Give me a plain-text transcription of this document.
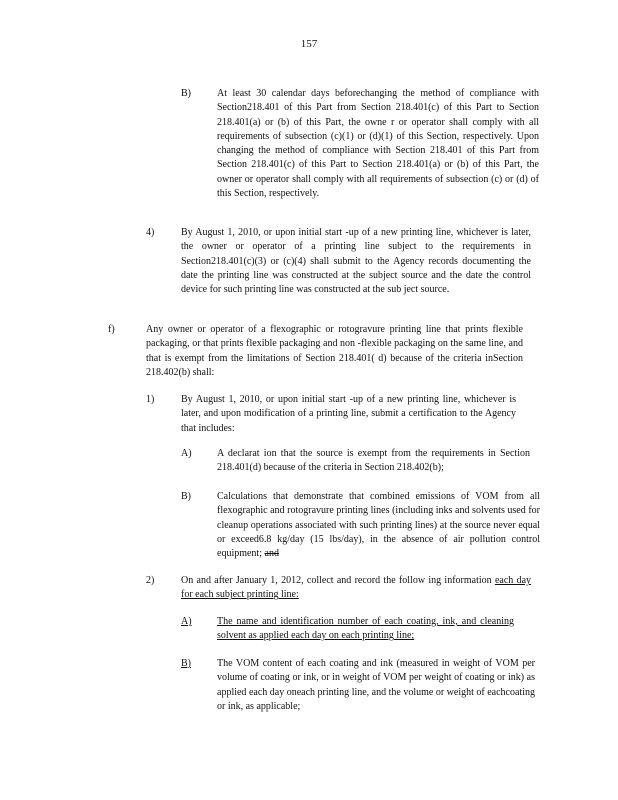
157
B)	At least 30 calendar days beforechanging the method of compliance with Section218.401 of this Part from Section 218.401(c) of this Part to Section 218.401(a) or (b) of this Part, the owne r or operator shall comply with all requirements of subsection (c)(1) or (d)(1) of this Section, respectively. Upon changing the method of compliance with Section 218.401 of this Part from Section 218.401(c) of this Part to Section 218.401(a) or (b) of this Part, the owner or operator shall comply with all requirements of subsection (c) or (d) of this Section, respectively.
4)	By August 1, 2010, or upon initial start -up of a new printing line, whichever is later, the owner or operator of a printing line subject to the requirements in Section218.401(c)(3) or (c)(4) shall submit to the Agency records documenting the date the printing line was constructed at the subject source and the date the control device for such printing line was constructed at the sub ject source.
f)	Any owner or operator of a flexographic or rotogravure printing line that prints flexible packaging, or that prints flexible packaging and non -flexible packaging on the same line, and that is exempt from the limitations of Section 218.401( d) because of the criteria inSection 218.402(b) shall:
1)	By August 1, 2010, or upon initial start -up of a new printing line, whichever is later, and upon modification of a printing line, submit a certification to the Agency that includes:
A)	A declarat ion that the source is exempt from the requirements in Section 218.401(d) because of the criteria in Section 218.402(b);
B)	Calculations that demonstrate that combined emissions of VOM from all flexographic and rotogravure printing lines (including inks and solvents used for cleanup operations associated with such printing lines) at the source never equal or exceed6.8 kg/day (15 lbs/day), in the absence of air pollution control equipment; and
2)	On and after January 1, 2012, collect and record the follow ing information each day for each subject printing line:
A)	The name and identification number of each coating, ink, and cleaning solvent as applied each day on each printing line;
B)	The VOM content of each coating and ink (measured in weight of VOM per volume of coating or ink, or in weight of VOM per weight of coating or ink) as applied each day oneach printing line, and the volume or weight of eachcoating or ink, as applicable;
